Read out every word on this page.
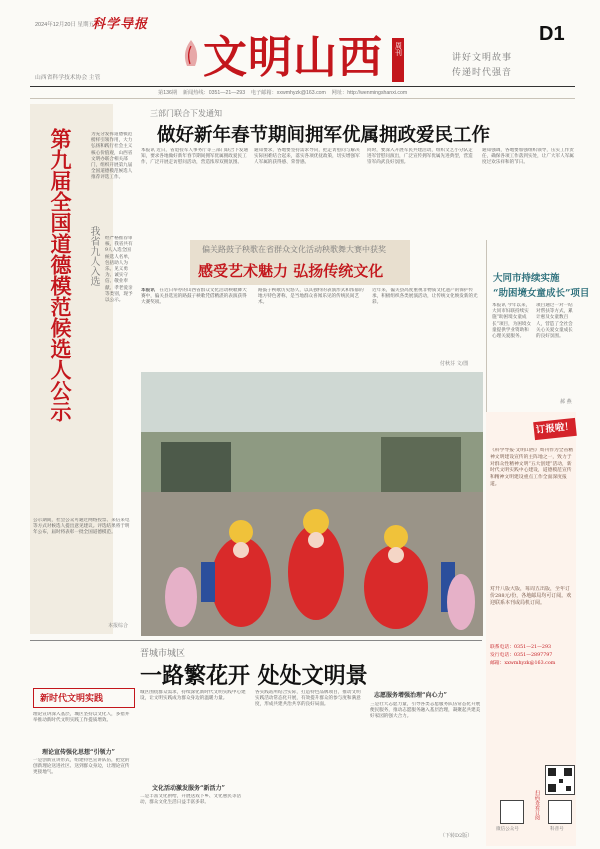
2024年12月20日 星期五
科学导报
山西省科学技术协会 主管 文明山西	周刊
讲好文明故事
传递时代强音
D1
第136期 新闻热线：0351—21—293 电子邮箱：xxwmhyzk@163.com 网址：http://wenmingshanxi.com
第九届全国道德模范候选人公示 我省九人入选
为充分发挥道德模范榜样引领作用，大力弘扬和践行社会主义核心价值观，山西省文明办联合相关部门，组织开展第九届全国道德模范候选人推荐评选工作。
经严格推荐审核，我省共有9人入选全国候选人名单，包括助人为乐、见义勇为、诚实守信、敬业奉献、孝老爱亲等类别，现予以公示。
公示期间，社会公众可通过网络投票、来信来电等方式对候选人提出意见建议。评选结果将于明年公布，届时将表彰一批全国道德模范。
本报综合
三部门联合下发通知
做好新年春节期间拥军优属拥政爱民工作
本报讯 近日，省退役军人事务厅等三部门联合下发通知，要求各地做好新年春节期间拥军优属拥政爱民工作，广泛开展走访慰问活动，营造浓厚双拥氛围。
通知要求，各地要坚持需求导向，把走访慰问与解决实际困难结合起来，落实各项优抚政策，切实增强军人军属的获得感、荣誉感。
同时，要深入开展军民共建活动，组织文艺小分队走进军营慰问演出，广泛宣传拥军优属先进典型，营造崇军尚武良好氛围。
通知强调，各地要加强组织领导，压实工作责任，确保各项工作落到实处，让广大军人军属度过欢乐祥和的节日。
偏关路鼓子秧歌在省群众文化活动秧歌舞大赛中获奖
感受艺术魅力 弘扬传统文化
本报讯　在近日举办的山西省群众文化活动秧歌舞大赛中，偏关县选送的路鼓子秧歌凭借精湛的表演获得大赛奖项。
路鼓子秧歌历史悠久，以其独特的表演形式和浓郁的地方特色著称，是当地群众喜闻乐见的传统民间艺术。
近年来，偏关县高度重视非物质文化遗产的保护传承，积极组织各类展演活动，让传统文化焕发新的光彩。
付秋芬 文/图
大同市持续实施
“助困境女童成长”项目
本报讯 今年以来，大同市妇联持续实施“助困境女童成长”项目，为困境女童提供学业资助和心理关爱服务。
项目通过一对一结对帮扶等方式，累计惠及女童数百人，营造了全社会关心关爱女童成长的良好氛围。
郝 燕
订报啦！
《科学导报·文明山西》周刊作为全省精神文明建设宣传的主阵地之一，致力于对群众性精神文明“五大创建”活动，新时代文明实践中心建设，道德模范宣传和精神文明建设重点工作全面深度报道。
对开八版大版，每周五出版，全年订价288元/份，各地邮局均可订阅。欢迎联系本刊或局机订阅。
联系电话：0351—21—293
发行电话：0351—2897797
邮箱：xxwmhyzk@163.com
扫码查看订阅
微信公众号	科普号
晋城市城区
一路繁花开 处处文明景
新时代文明实践
理论宣讲深入基层，城区坚持以文化人，多措并举推动新时代文明实践工作提质增效。
理论宣传强化思想“引领力”
一是创新宣讲形式，组建特色宣讲队伍，把党的创新理论送进社区、送到群众身边，让理论宣传更接地气。
城区围绕群众需求，持续深化新时代文明实践中心建设，让文明实践成为群众身边的温暖力量。
文化活动激发服务“新活力”
二是丰富文化供给，开展送戏下乡、文化惠民等活动，群众文化生活日益丰富多彩。
各实践站所结合实际，打造特色品牌项目，推动文明实践活动常态化开展，有效提升群众的参与度和满意度，形成共建共治共享的良好局面。
志愿服务增强治理“向心力”
三是壮大志愿力量，引导各类志愿服务队伍常态化开展便民服务，推动志愿服务融入基层治理，凝聚起共建美好家园的强大合力。
（下转D2版）
